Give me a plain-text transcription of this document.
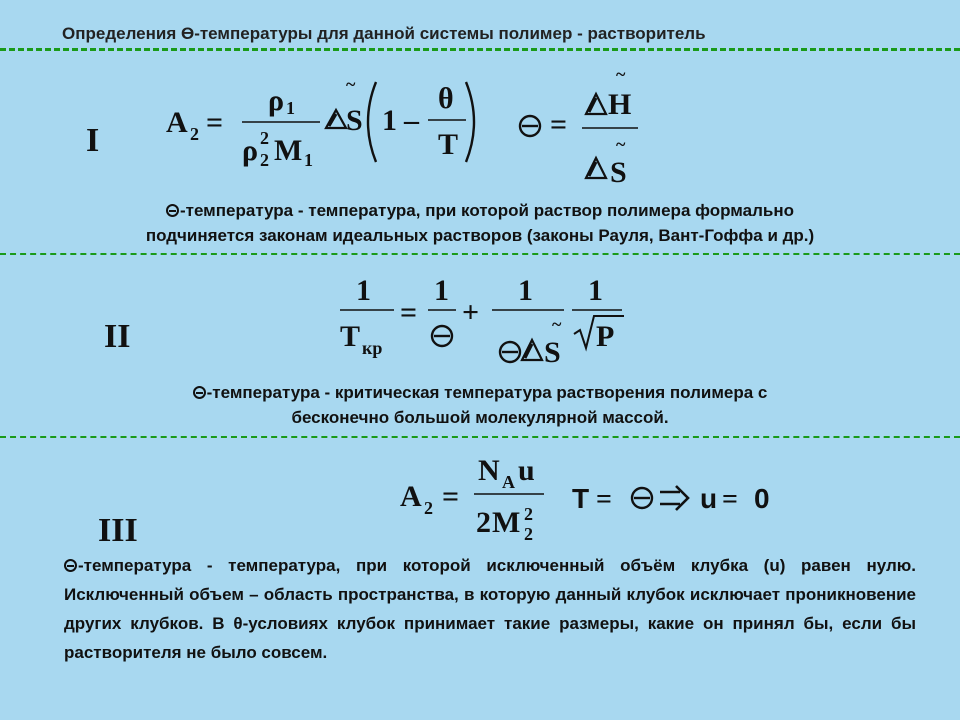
Определения ϴ-температуры для данной системы полимер - растворитель
I A 2 =
ρ 1
ρ 2
2 M 1
~
S 1 –
θ
T
=
~
H
~
S
-температура - температура, при которой раствор полимера формально
подчиняется законам идеальных растворов (законы Рауля, Вант-Гоффа и др.)
II
1
T кр
=
1
+
1
~
S
1
P
-температура - критическая температура растворения полимера с
бесконечно большой молекулярной массой.
III
A 2 =
N A u
2 M 2
2
T =	u = 0
-температура - температура, при которой исключенный объём клубка (u) равен нулю. Исключенный объем – область пространства, в которую данный клубок исключает проникновение других клубков. В θ-условиях клубок принимает такие размеры, какие он принял бы, если бы растворителя не было совсем.
